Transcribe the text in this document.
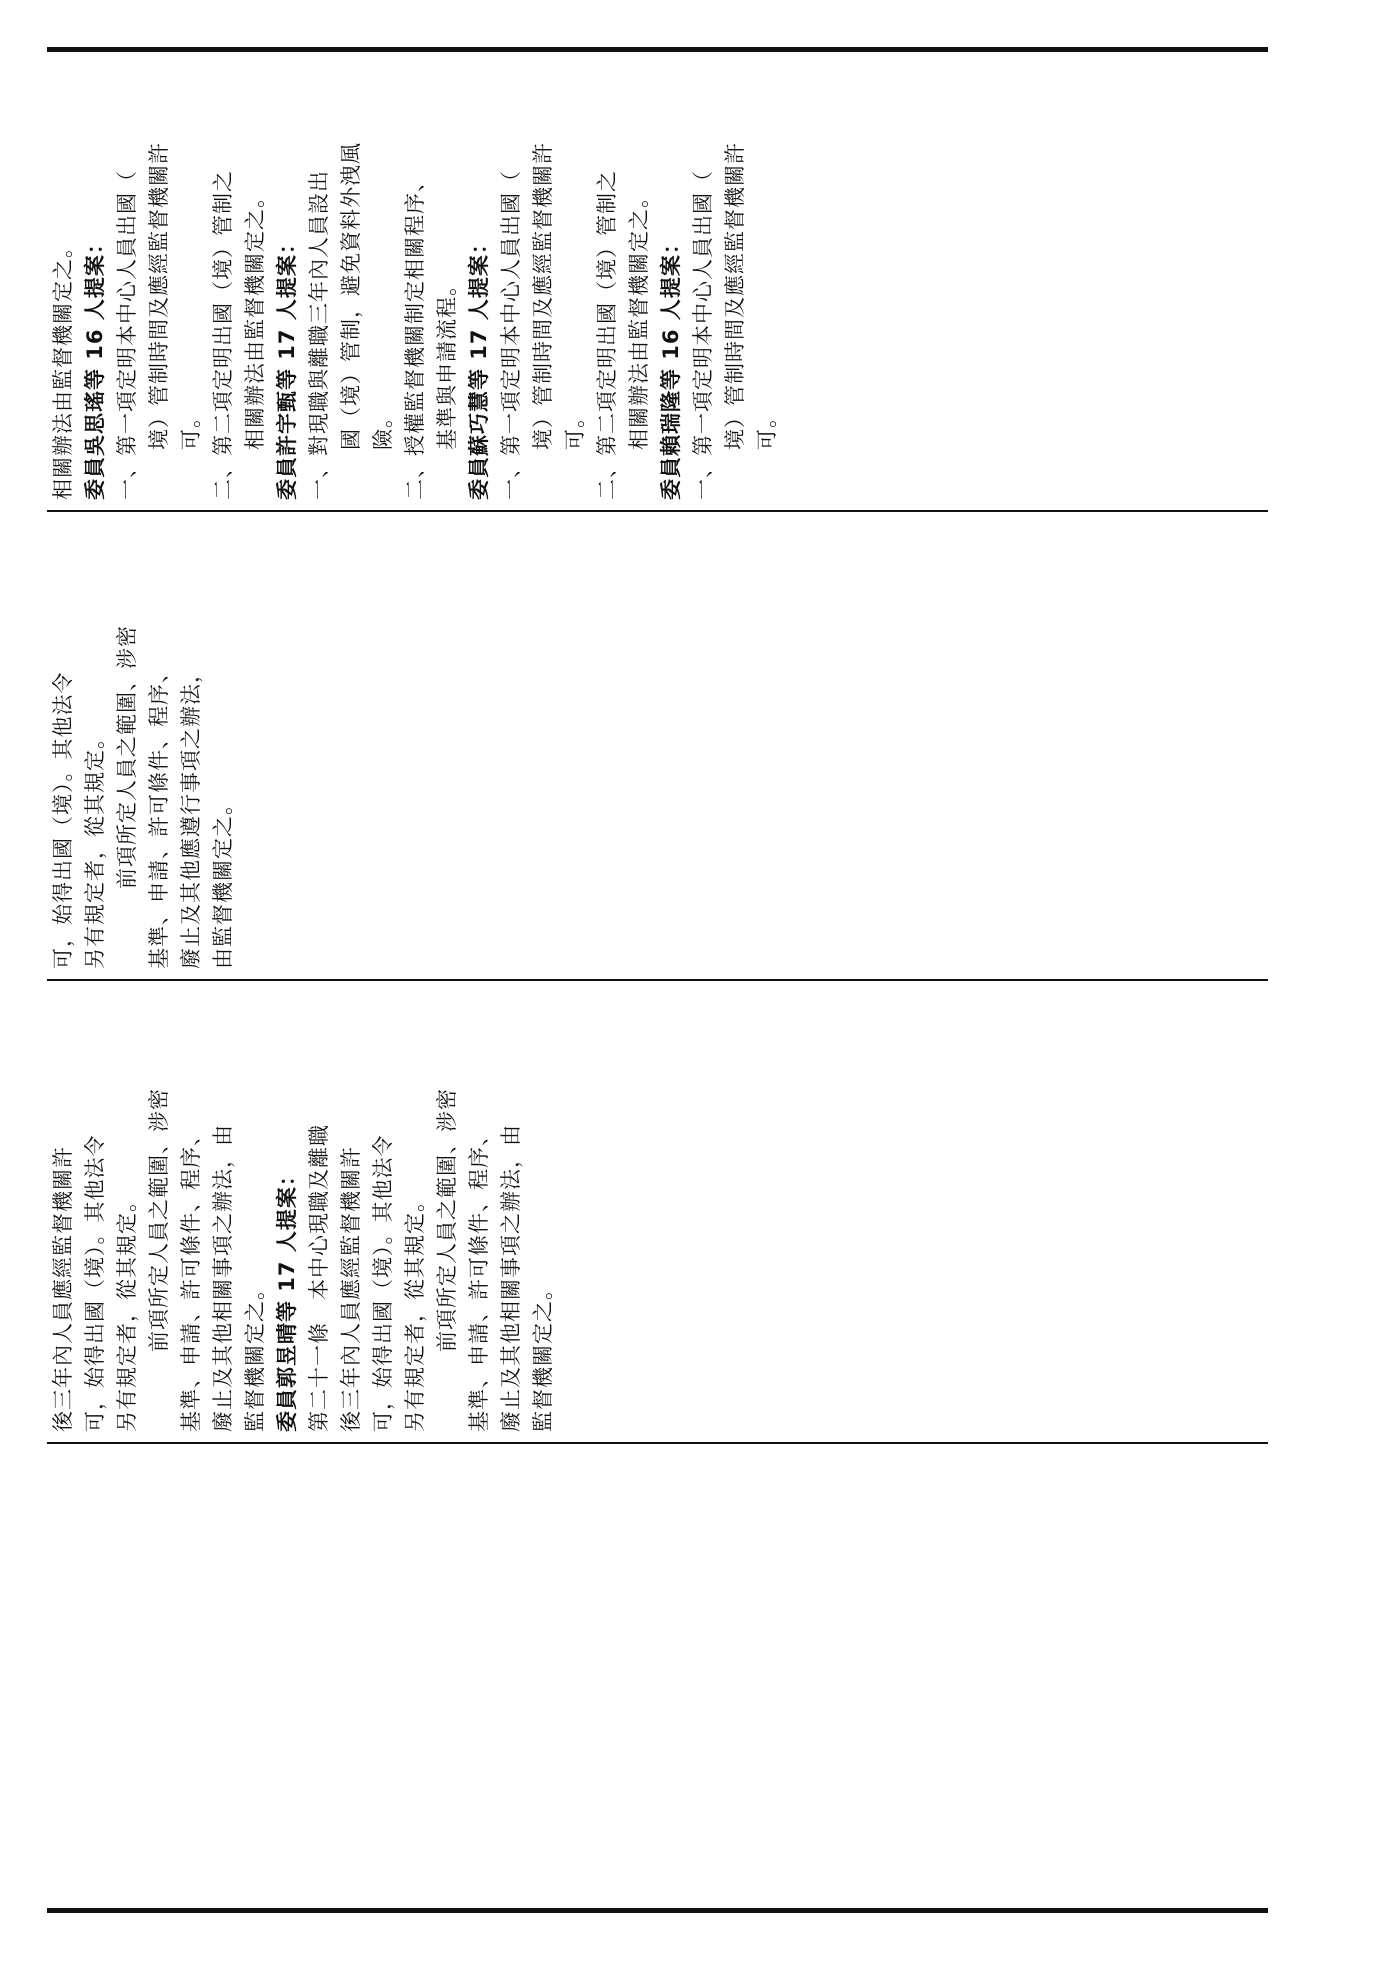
相關辦法由監督機關定之。 委員吳思瑤等 16 人提案： 一、第一項定明本中心人員出國（ 境）管制時間及應經監督機關許 可。 二、第二項定明出國（境）管制之 相關辦法由監督機關定之。 委員許宇甄等 17 人提案： 一、對現職與離職三年內人員設出 國（境）管制，避免資料外洩風 險。 二、授權監督機關制定相關程序、 基準與申請流程。 委員蘇巧慧等 17 人提案： 一、第一項定明本中心人員出國（ 境）管制時間及應經監督機關許 可。 二、第二項定明出國（境）管制之 相關辦法由監督機關定之。 委員賴瑞隆等 16 人提案： 一、第一項定明本中心人員出國（ 境）管制時間及應經監督機關許 可。
可，始得出國（境）。其他法令 另有規定者，從其規定。 前項所定人員之範圍、涉密 基準、申請、許可條件、程序、 廢止及其他應遵行事項之辦法， 由監督機關定之。
後三年內人員應經監督機關許 可，始得出國（境）。其他法令 另有規定者，從其規定。 前項所定人員之範圍、涉密 基準、申請、許可條件、程序、 廢止及其他相關事項之辦法，由 監督機關定之。 委員郭昱晴等 17 人提案： 第二十一條　本中心現職及離職 後三年內人員應經監督機關許 可，始得出國（境）。其他法令 另有規定者，從其規定。 前項所定人員之範圍、涉密 基準、申請、許可條件、程序、 廢止及其他相關事項之辦法，由 監督機關定之。
